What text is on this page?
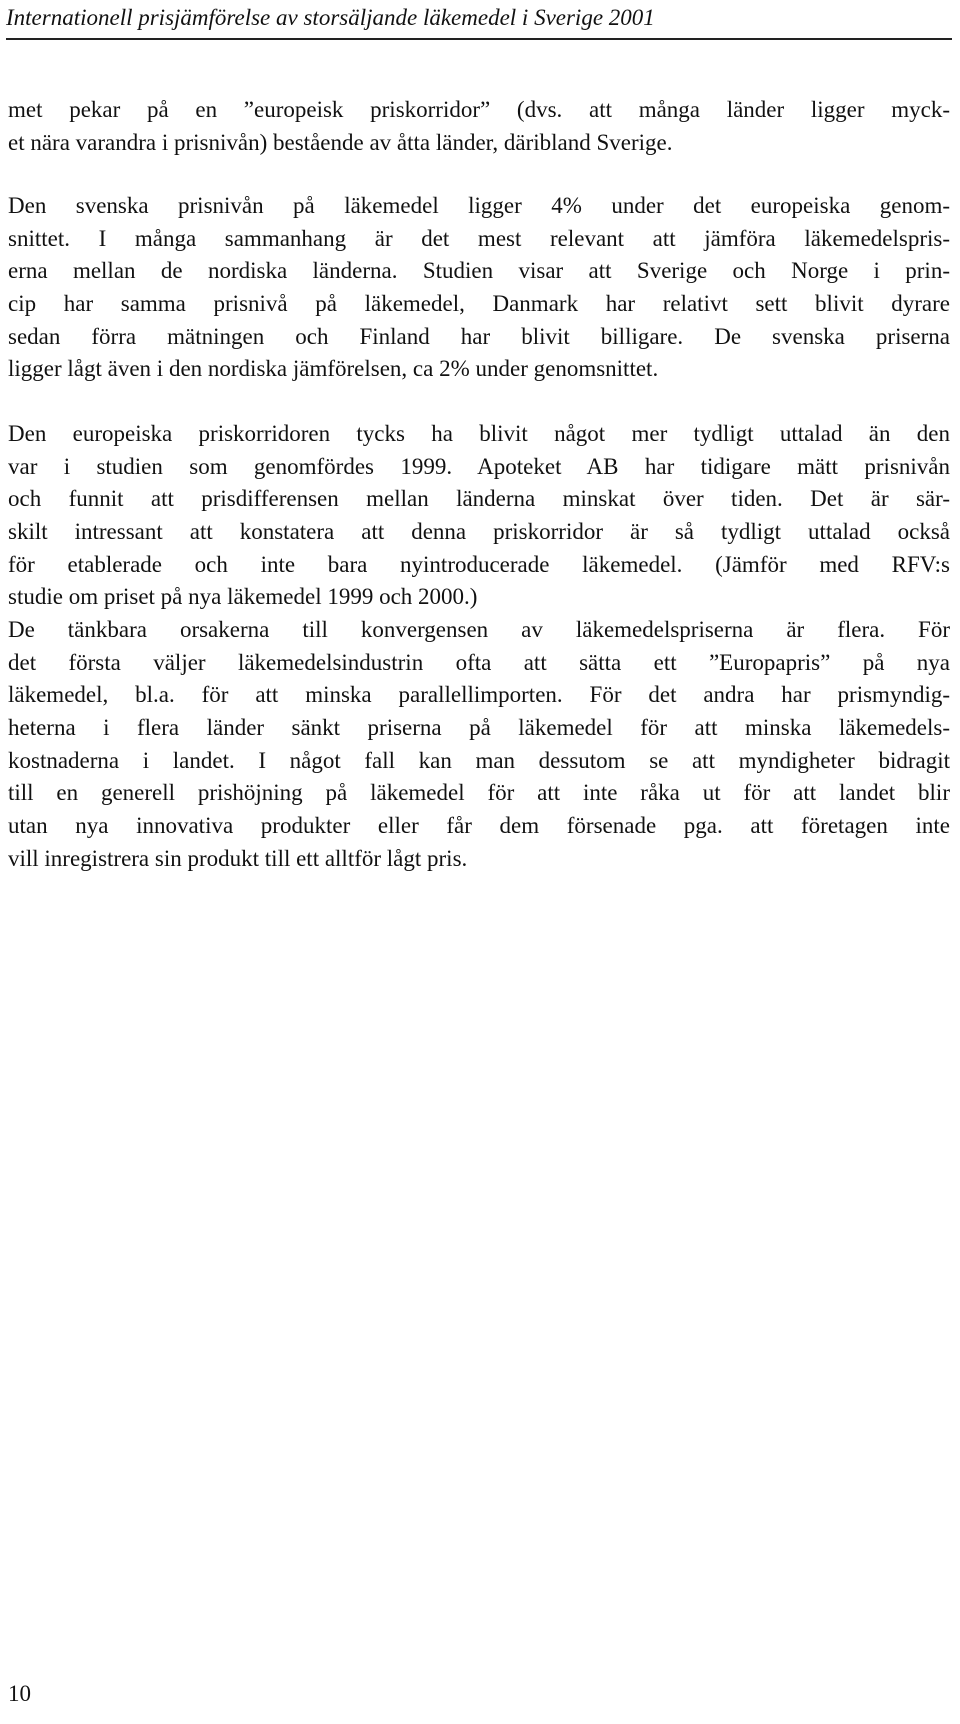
Internationell prisjämförelse av storsäljande läkemedel i Sverige 2001
met pekar på en ”europeisk priskorridor” (dvs. att många länder ligger myck-
et nära varandra i prisnivån) bestående av åtta länder, däribland Sverige.
Den svenska prisnivån på läkemedel ligger 4% under det europeiska genom-
snittet. I många sammanhang är det mest relevant att jämföra läkemedelspris-
erna mellan de nordiska länderna. Studien visar att Sverige och Norge i prin-
cip har samma prisnivå på läkemedel, Danmark har relativt sett blivit dyrare
sedan förra mätningen och Finland har blivit billigare. De svenska priserna
ligger lågt även i den nordiska jämförelsen, ca 2% under genomsnittet.
Den europeiska priskorridoren tycks ha blivit något mer tydligt uttalad än den
var i studien som genomfördes 1999. Apoteket AB har tidigare mätt prisnivån
och funnit att prisdifferensen mellan länderna minskat över tiden. Det är sär-
skilt intressant att konstatera att denna priskorridor är så tydligt uttalad också
för etablerade och inte bara nyintroducerade läkemedel. (Jämför med RFV:s
studie om priset på nya läkemedel 1999 och 2000.)
De tänkbara orsakerna till konvergensen av läkemedelspriserna är flera. För
det första väljer läkemedelsindustrin ofta att sätta ett ”Europapris” på nya
läkemedel, bl.a. för att minska parallellimporten. För det andra har prismyndig-
heterna i flera länder sänkt priserna på läkemedel för att minska läkemedels-
kostnaderna i landet. I något fall kan man dessutom se att myndigheter bidragit
till en generell prishöjning på läkemedel för att inte råka ut för att landet blir
utan nya innovativa produkter eller får dem försenade pga. att företagen inte
vill inregistrera sin produkt till ett alltför lågt pris.
10
